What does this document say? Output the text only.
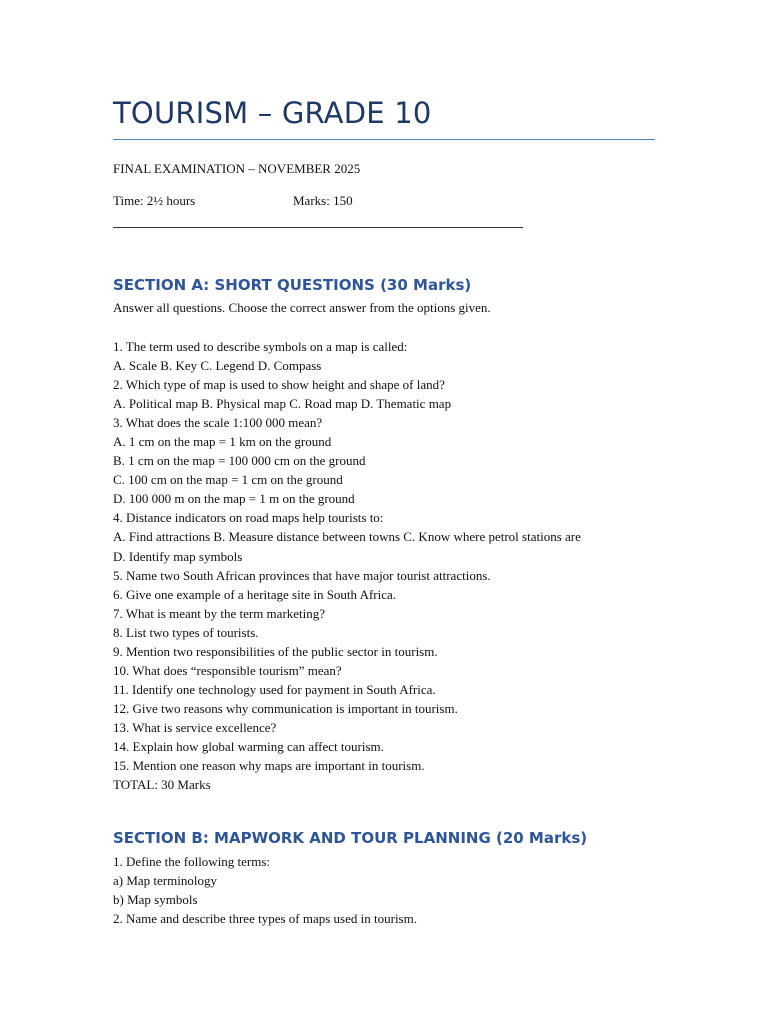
TOURISM – GRADE 10
FINAL EXAMINATION – NOVEMBER 2025
Time: 2½ hours	Marks: 150
SECTION A: SHORT QUESTIONS (30 Marks)
Answer all questions. Choose the correct answer from the options given.
1. The term used to describe symbols on a map is called:
A. Scale B. Key C. Legend D. Compass
2. Which type of map is used to show height and shape of land?
A. Political map B. Physical map C. Road map D. Thematic map
3. What does the scale 1:100 000 mean?
A. 1 cm on the map = 1 km on the ground
B. 1 cm on the map = 100 000 cm on the ground
C. 100 cm on the map = 1 cm on the ground
D. 100 000 m on the map = 1 m on the ground
4. Distance indicators on road maps help tourists to:
A. Find attractions B. Measure distance between towns C. Know where petrol stations are
D. Identify map symbols
5. Name two South African provinces that have major tourist attractions.
6. Give one example of a heritage site in South Africa.
7. What is meant by the term marketing?
8. List two types of tourists.
9. Mention two responsibilities of the public sector in tourism.
10. What does “responsible tourism” mean?
11. Identify one technology used for payment in South Africa.
12. Give two reasons why communication is important in tourism.
13. What is service excellence?
14. Explain how global warming can affect tourism.
15. Mention one reason why maps are important in tourism.
TOTAL: 30 Marks
SECTION B: MAPWORK AND TOUR PLANNING (20 Marks)
1. Define the following terms:
a) Map terminology
b) Map symbols
2. Name and describe three types of maps used in tourism.
